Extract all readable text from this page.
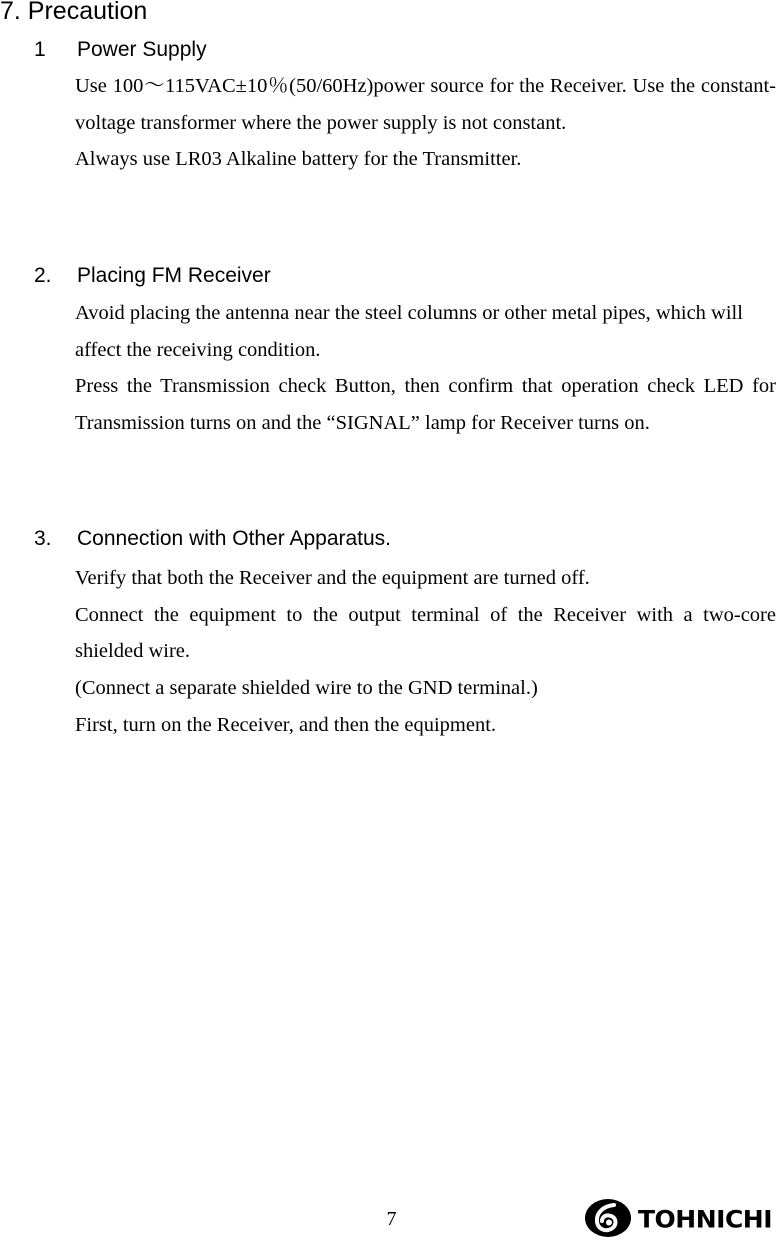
7. Precaution
1 Power Supply

Use 100～115VAC±10％(50/60Hz)power source for the Receiver. Use the constant-voltage transformer where the power supply is not constant.

Always use LR03 Alkaline battery for the Transmitter.

2. Placing FM Receiver

Avoid placing the antenna near the steel columns or other metal pipes, which will affect the receiving condition.

Press the Transmission check Button, then confirm that operation check LED for Transmission turns on and the “SIGNAL” lamp for Receiver turns on.

3. Connection with Other Apparatus.

Verify that both the Receiver and the equipment are turned off.

Connect the equipment to the output terminal of the Receiver with a two-core shielded wire.

(Connect a separate shielded wire to the GND terminal.)

First, turn on the Receiver, and then the equipment.

7	TOHNICHI
